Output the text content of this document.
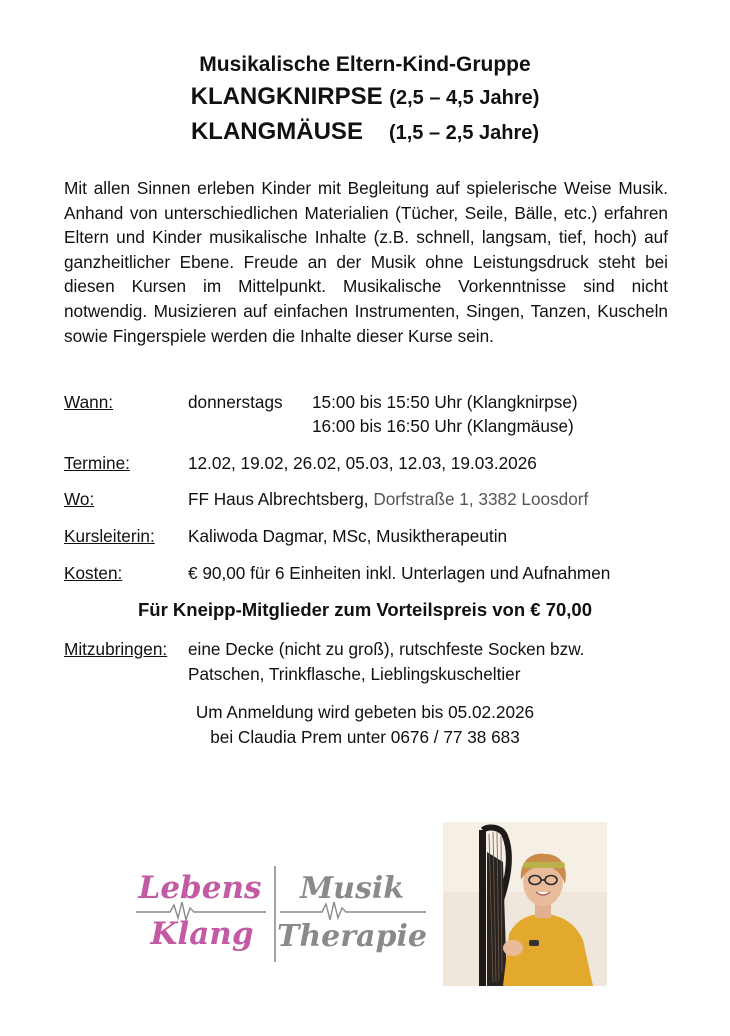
Musikalische Eltern-Kind-Gruppe
KLANGKNIRPSE (2,5 – 4,5 Jahre)
KLANGMÄUSE (1,5 – 2,5 Jahre)
Mit allen Sinnen erleben Kinder mit Begleitung auf spielerische Weise Musik. Anhand von unterschiedlichen Materialien (Tücher, Seile, Bälle, etc.) erfahren Eltern und Kinder musikalische Inhalte (z.B. schnell, langsam, tief, hoch) auf ganzheitlicher Ebene. Freude an der Musik ohne Leistungsdruck steht bei diesen Kursen im Mittelpunkt. Musikalische Vorkenntnisse sind nicht notwendig. Musizieren auf einfachen Instrumenten, Singen, Tanzen, Kuscheln sowie Fingerspiele werden die Inhalte dieser Kurse sein.
Wann:	donnerstags 15:00 bis 15:50 Uhr (Klangknirpse)
16:00 bis 16:50 Uhr (Klangmäuse)
Termine:	12.02, 19.02, 26.02, 05.03, 12.03, 19.03.2026
Wo:	FF Haus Albrechtsberg, Dorfstraße 1, 3382 Loosdorf
Kursleiterin: Kaliwoda Dagmar, MSc, Musiktherapeutin
Kosten:	€ 90,00 für 6 Einheiten inkl. Unterlagen und Aufnahmen
Für Kneipp-Mitglieder zum Vorteilspreis von € 70,00
Mitzubringen: eine Decke (nicht zu groß), rutschfeste Socken bzw.
Patschen, Trinkflasche, Lieblingskuscheltier
Um Anmeldung wird gebeten bis 05.02.2026
bei Claudia Prem unter 0676 / 77 38 683
Lebens
Klang
Musik
Therapie
